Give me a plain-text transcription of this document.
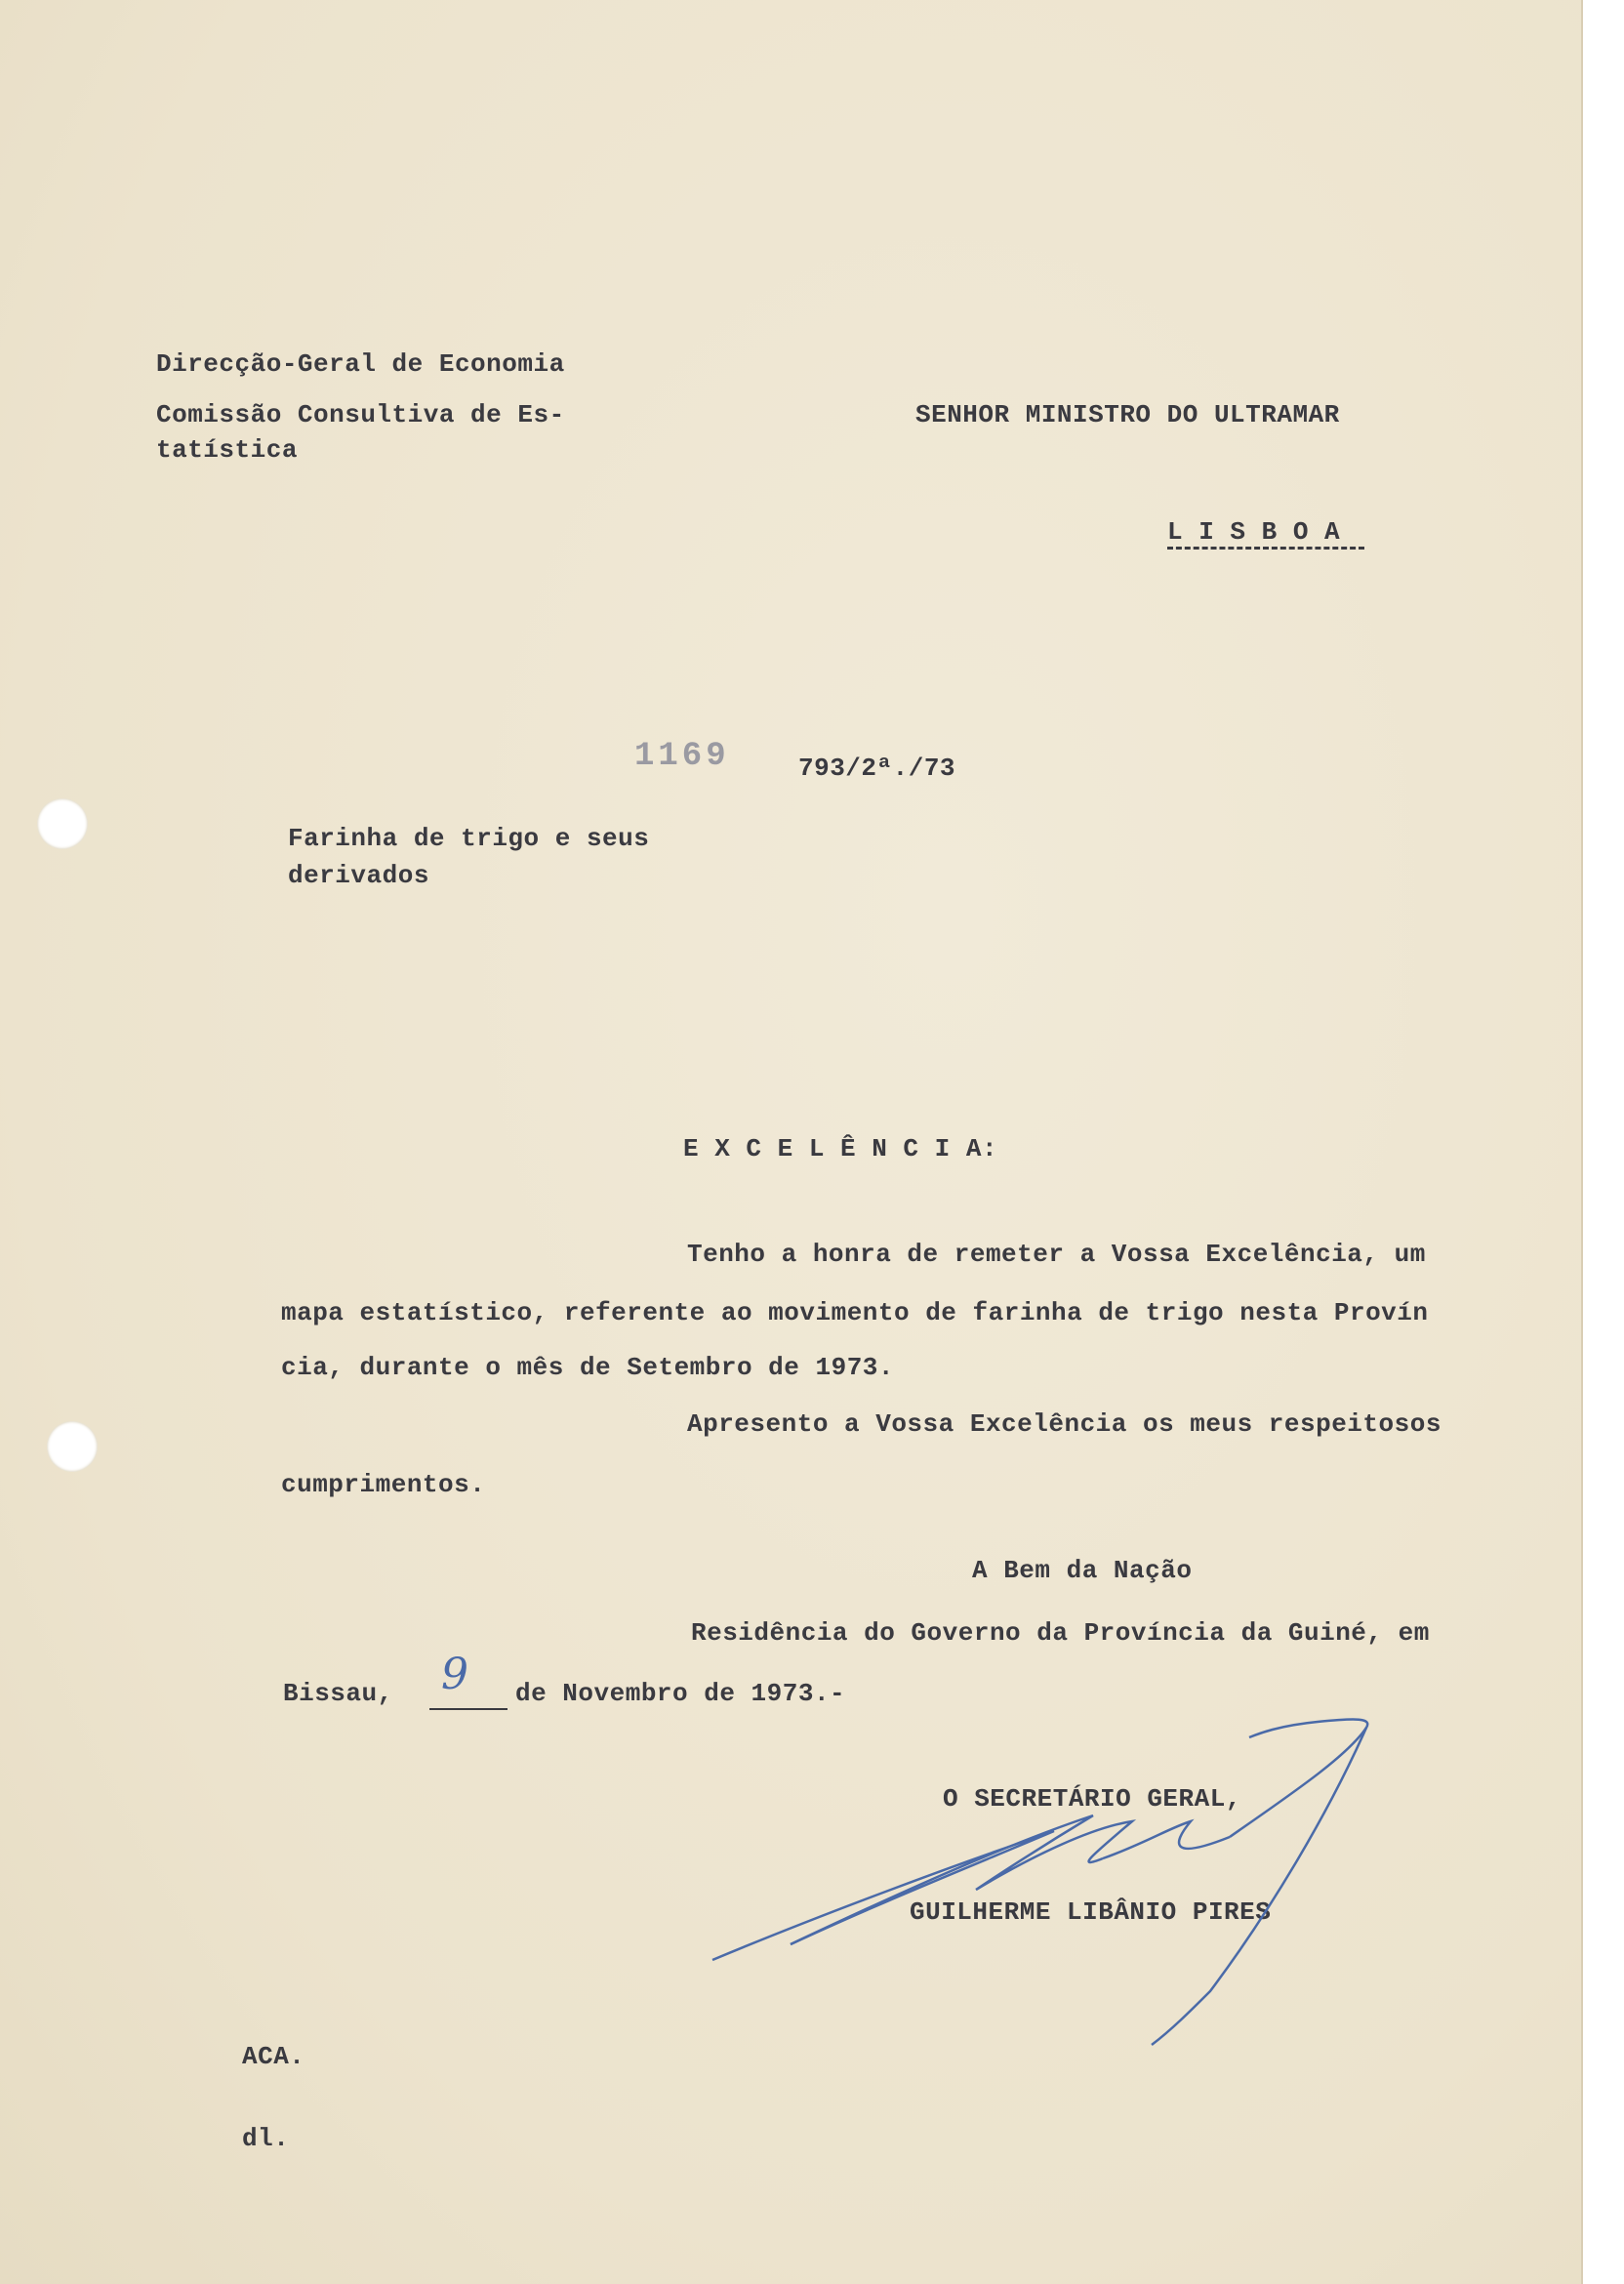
Direcção-Geral de Economia
Comissão Consultiva de Es-
tatística
SENHOR MINISTRO DO ULTRAMAR
L I S B O A
1169	793/2ª./73
Farinha de trigo e seus
derivados
E X C E L Ê N C I A:
Tenho a honra de remeter a Vossa Excelência, um
mapa estatístico, referente ao movimento de farinha de trigo nesta Provín
cia, durante o mês de Setembro de 1973.
Apresento a Vossa Excelência os meus respeitosos
cumprimentos.
A Bem da Nação
Residência do Governo da Província da Guiné, em
Bissau, 9 de Novembro de 1973.-
O SECRETÁRIO GERAL,
GUILHERME LIBÂNIO PIRES
ACA.
dl.
